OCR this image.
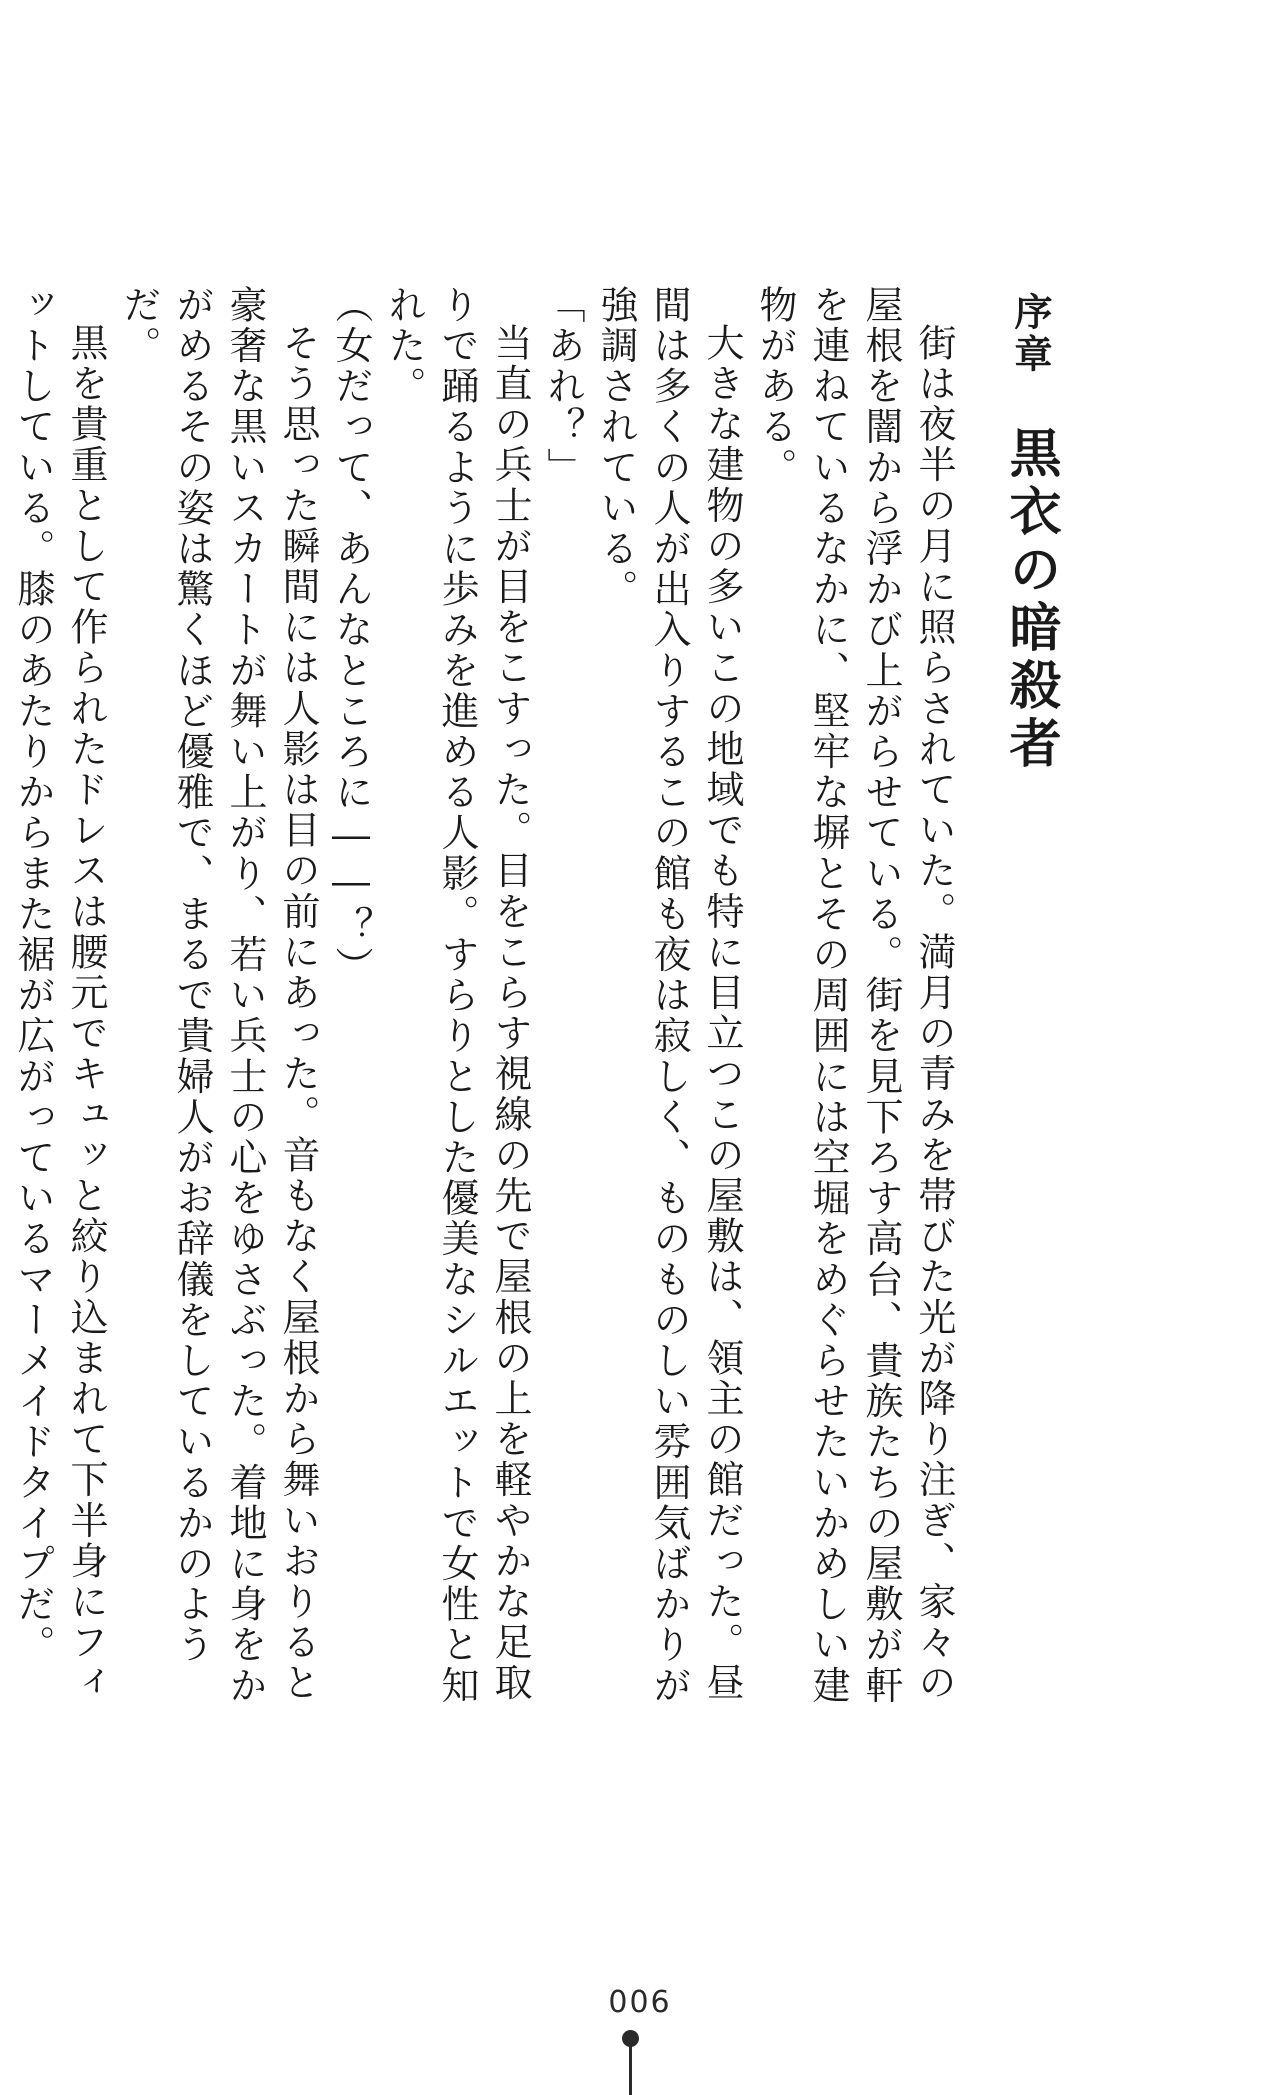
序章黒衣の暗殺者

街は夜半の月に照らされていた。満月の青みを帯びた光が降り注ぎ、家々の屋根を闇から浮かび上がらせている。街を見下ろす高台、貴族たちの屋敷が軒を連ねているなかに、堅牢な塀とその周囲には空堀をめぐらせたいかめしい建物がある。

大きな建物の多いこの地域でも特に目立つこの屋敷は、領主の館だった。昼間は多くの人が出入りするこの館も夜は寂しく、ものものしい雰囲気ばかりが強調されている。

「あれ？」

当直の兵士が目をこすった。目をこらす視線の先で屋根の上を軽やかな足取りで踊るように歩みを進める人影。すらりとした優美なシルエットで女性と知れた。

（女だって、あんなところに――？）

そう思った瞬間には人影は目の前にあった。音もなく屋根から舞いおりると豪奢な黒いスカートが舞い上がり、若い兵士の心をゆさぶった。着地に身をかがめるその姿は驚くほど優雅で、まるで貴婦人がお辞儀をしているかのようだ。

黒を貴重として作られたドレスは腰元でキュッと絞り込まれて下半身にフィットしている。膝のあたりからまた裾が広がっているマーメイドタイプだ。

006
